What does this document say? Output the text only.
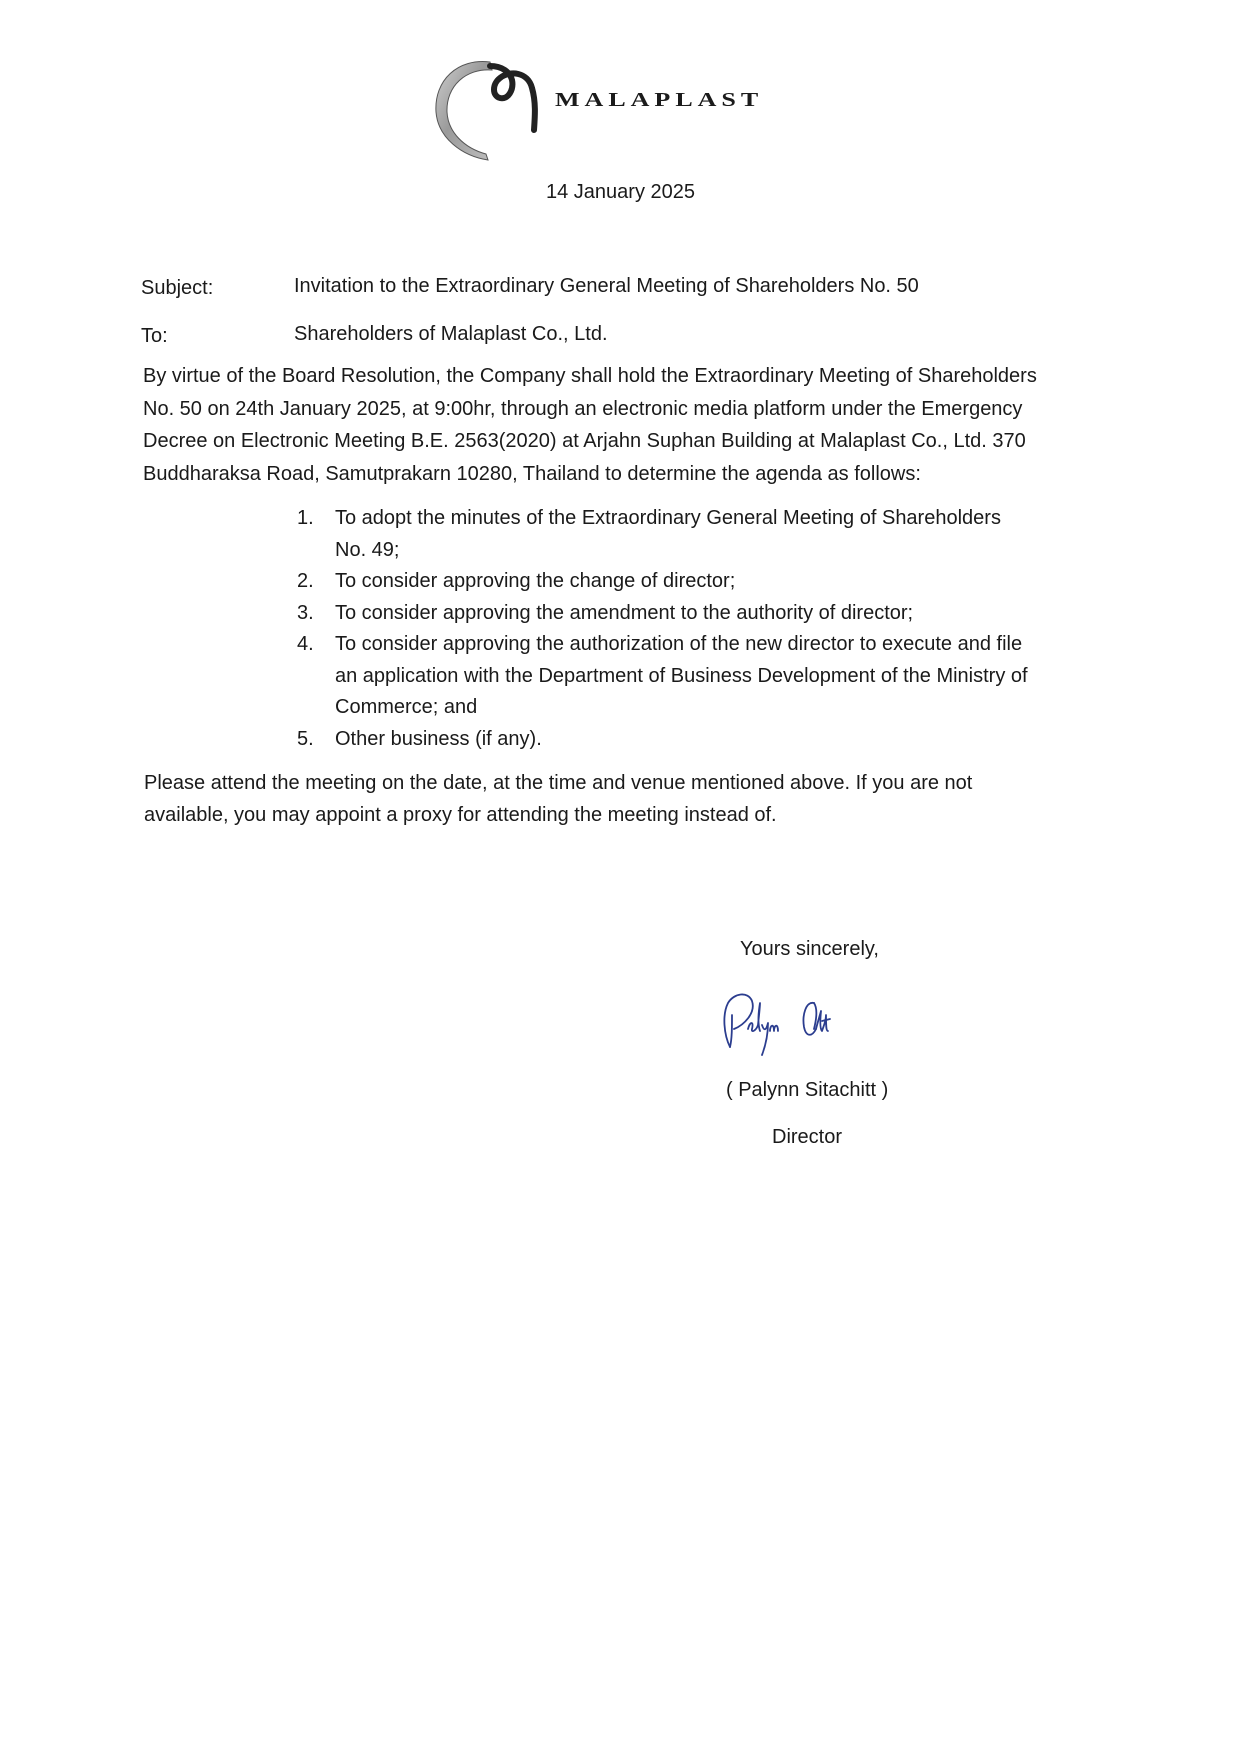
MALAPLAST
14 January 2025
Subject:	Invitation to the Extraordinary General Meeting of Shareholders No. 50
To:	Shareholders of Malaplast Co., Ltd.
By virtue of the Board Resolution, the Company shall hold the Extraordinary Meeting of Shareholders
No. 50 on 24th January 2025, at 9:00hr, through an electronic media platform under the Emergency
Decree on Electronic Meeting B.E. 2563(2020) at Arjahn Suphan Building at Malaplast Co., Ltd. 370
Buddharaksa Road, Samutprakarn 10280, Thailand to determine the agenda as follows:
1. To adopt the minutes of the Extraordinary General Meeting of Shareholders
No. 49;
2. To consider approving the change of director;
3. To consider approving the amendment to the authority of director;
4. To consider approving the authorization of the new director to execute and file
an application with the Department of Business Development of the Ministry of
Commerce; and
5. Other business (if any).
Please attend the meeting on the date, at the time and venue mentioned above. If you are not
available, you may appoint a proxy for attending the meeting instead of.
Yours sincerely,
( Palynn Sitachitt )
Director
